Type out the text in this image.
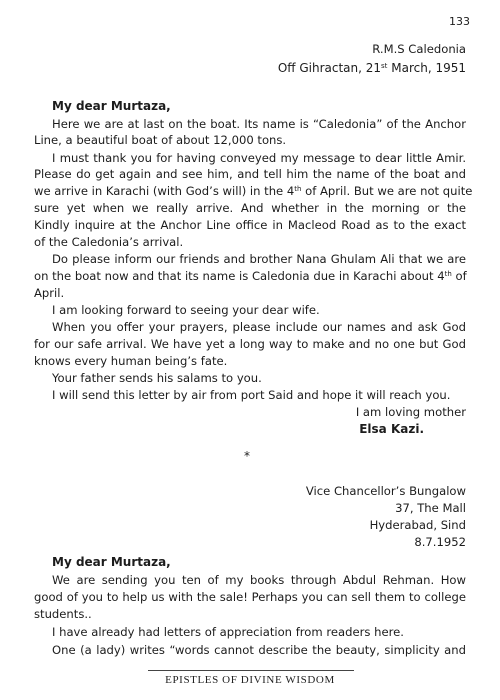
133
R.M.S Caledonia
Off Gihractan, 21st March, 1951
My dear Murtaza,
Here we are at last on the boat. Its name is “Caledonia” of the Anchor
Line, a beautiful boat of about 12,000 tons.
I must thank you for having conveyed my message to dear little Amir.
Please do get again and see him, and tell him the name of the boat and
we arrive in Karachi (with God’s will) in the 4th of April. But we are not quite
sure yet when we really arrive. And whether in the morning or the
Kindly inquire at the Anchor Line office in Macleod Road as to the exact
of the Caledonia’s arrival.
Do please inform our friends and brother Nana Ghulam Ali that we are
on the boat now and that its name is Caledonia due in Karachi about 4th of
April.
I am looking forward to seeing your dear wife.
When you offer your prayers, please include our names and ask God
for our safe arrival. We have yet a long way to make and no one but God
knows every human being’s fate.
Your father sends his salams to you.
I will send this letter by air from port Said and hope it will reach you.
I am loving mother
Elsa Kazi.
*
Vice Chancellor’s Bungalow
37, The Mall
Hyderabad, Sind
8.7.1952
My dear Murtaza,
We are sending you ten of my books through Abdul Rehman. How
good of you to help us with the sale! Perhaps you can sell them to college
students..
I have already had letters of appreciation from readers here.
One (a lady) writes “words cannot describe the beauty, simplicity and
EPISTLES OF DIVINE WISDOM
